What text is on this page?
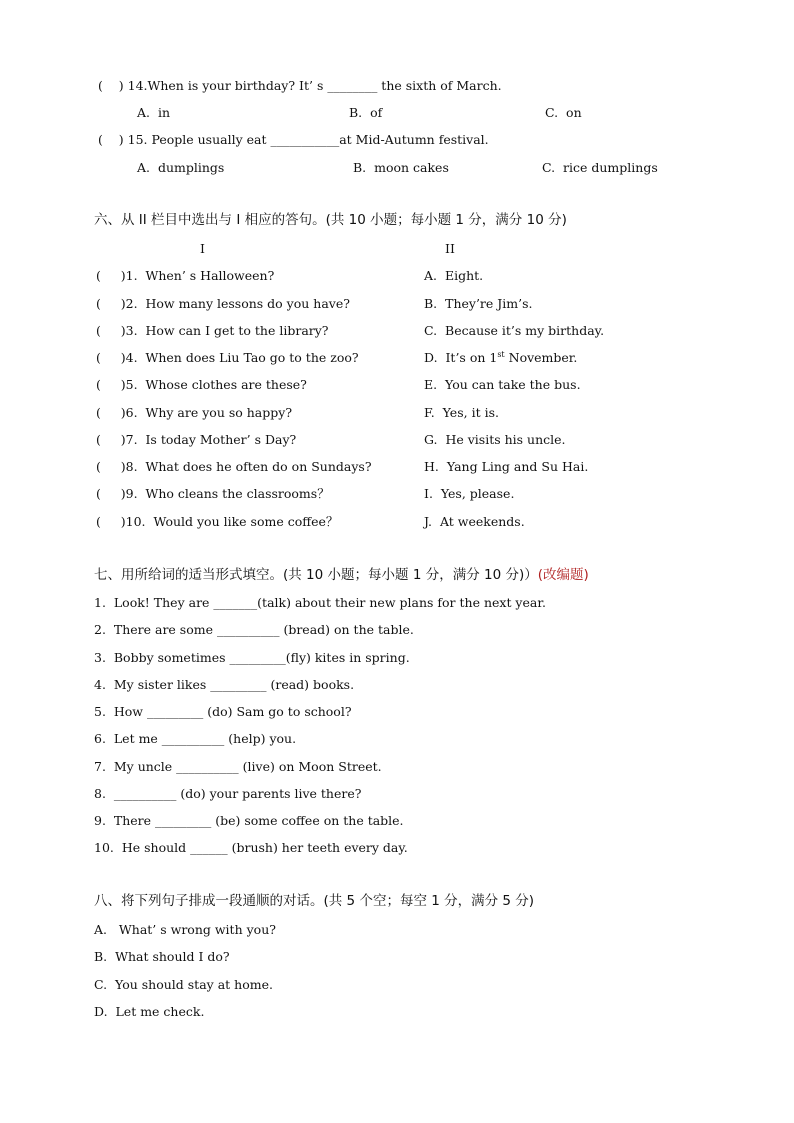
(    ) 14.When is your birthday? It’ s ________ the sixth of March.
A.  in	B.  of	C.  on
(    ) 15. People usually eat ___________at Mid-Autumn festival.
A.  dumplings	B.  moon cakes	C.  rice dumplings
六、从 II 栏目中选出与 I 相应的答句。(共 10 小题；每小题 1 分，满分 10 分)
I	II
(     )1.  When’ s Halloween?	A.  Eight.
(     )2.  How many lessons do you have?	B.  They’re Jim’s.
(     )3.  How can I get to the library?	C.  Because it’s my birthday.
(     )4.  When does Liu Tao go to the zoo?	D.  It’s on 1st November.
(     )5.  Whose clothes are these?	E.  You can take the bus.
(     )6.  Why are you so happy?	F.  Yes, it is.
(     )7.  Is today Mother’ s Day?	G.  He visits his uncle.
(     )8.  What does he often do on Sundays?	H.  Yang Ling and Su Hai.
(     )9.  Who cleans the classrooms？	I.  Yes, please.
(     )10.  Would you like some coffee？	J.  At weekends.
七、用所给词的适当形式填空。(共 10 小题；每小题 1 分，满分 10 分)）(改编题)
1.  Look! They are _______(talk) about their new plans for the next year.
2.  There are some __________ (bread) on the table.
3.  Bobby sometimes _________(fly) kites in spring.
4.  My sister likes _________ (read) books.
5.  How _________ (do) Sam go to school?
6.  Let me __________ (help) you.
7.  My uncle __________ (live) on Moon Street.
8.  __________ (do) your parents live there?
9.  There _________ (be) some coffee on the table.
10.  He should ______ (brush) her teeth every day.
八、将下列句子排成一段通顺的对话。(共 5 个空；每空 1 分，满分 5 分)
A.   What’ s wrong with you?
B.  What should I do?
C.  You should stay at home.
D.  Let me check.
